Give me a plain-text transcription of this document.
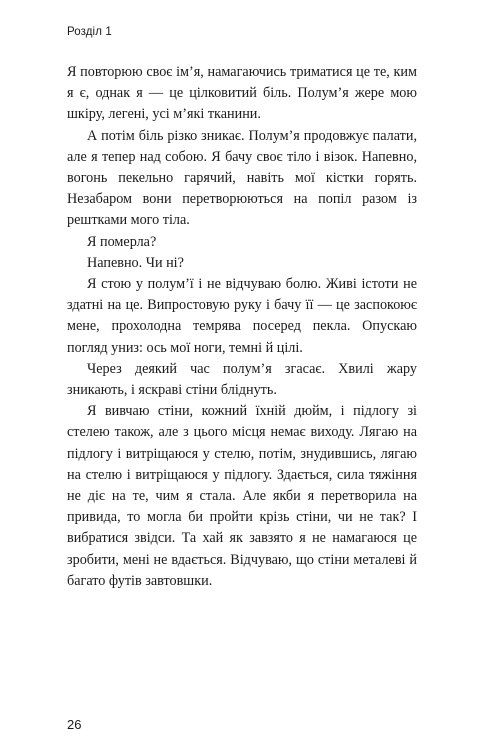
Розділ 1

Я повторюю своє ім’я, намагаючись триматися це те, ким я є, однак я — це цілковитий біль. Полум’я жере мою шкіру, легені, усі м’які тканини.

А потім біль різко зникає. Полум’я продовжує палати, але я тепер над собою. Я бачу своє тіло і візок. Напевно, вогонь пекельно гарячий, навіть мої кістки горять. Незабаром вони перетворюються на попіл разом із рештками мого тіла.

Я померла?

Напевно. Чи ні?

Я стою у полум’ї і не відчуваю болю. Живі істоти не здатні на це. Випростовую руку і бачу її — це заспокоює мене, прохолодна темрява посеред пекла. Опускаю погляд униз: ось мої ноги, темні й цілі.

Через деякий час полум’я згасає. Хвилі жару зникають, і яскраві стіни блiднуть.

Я вивчаю стіни, кожний їхній дюйм, і підлогу зі стелею також, але з цього місця немає виходу. Лягаю на підлогу і витріщаюся у стелю, потім, знудившись, лягаю на стелю і витріщаюся у підлогу. Здається, сила тяжіння не діє на те, чим я стала. Але якби я перетворила на привида, то могла би пройти крізь стіни, чи не так? І вибратися звідси. Та хай як завзято я не намагаюся це зробити, мені не вдається. Відчуваю, що стіни металеві й багато футів завтовшки.

26
